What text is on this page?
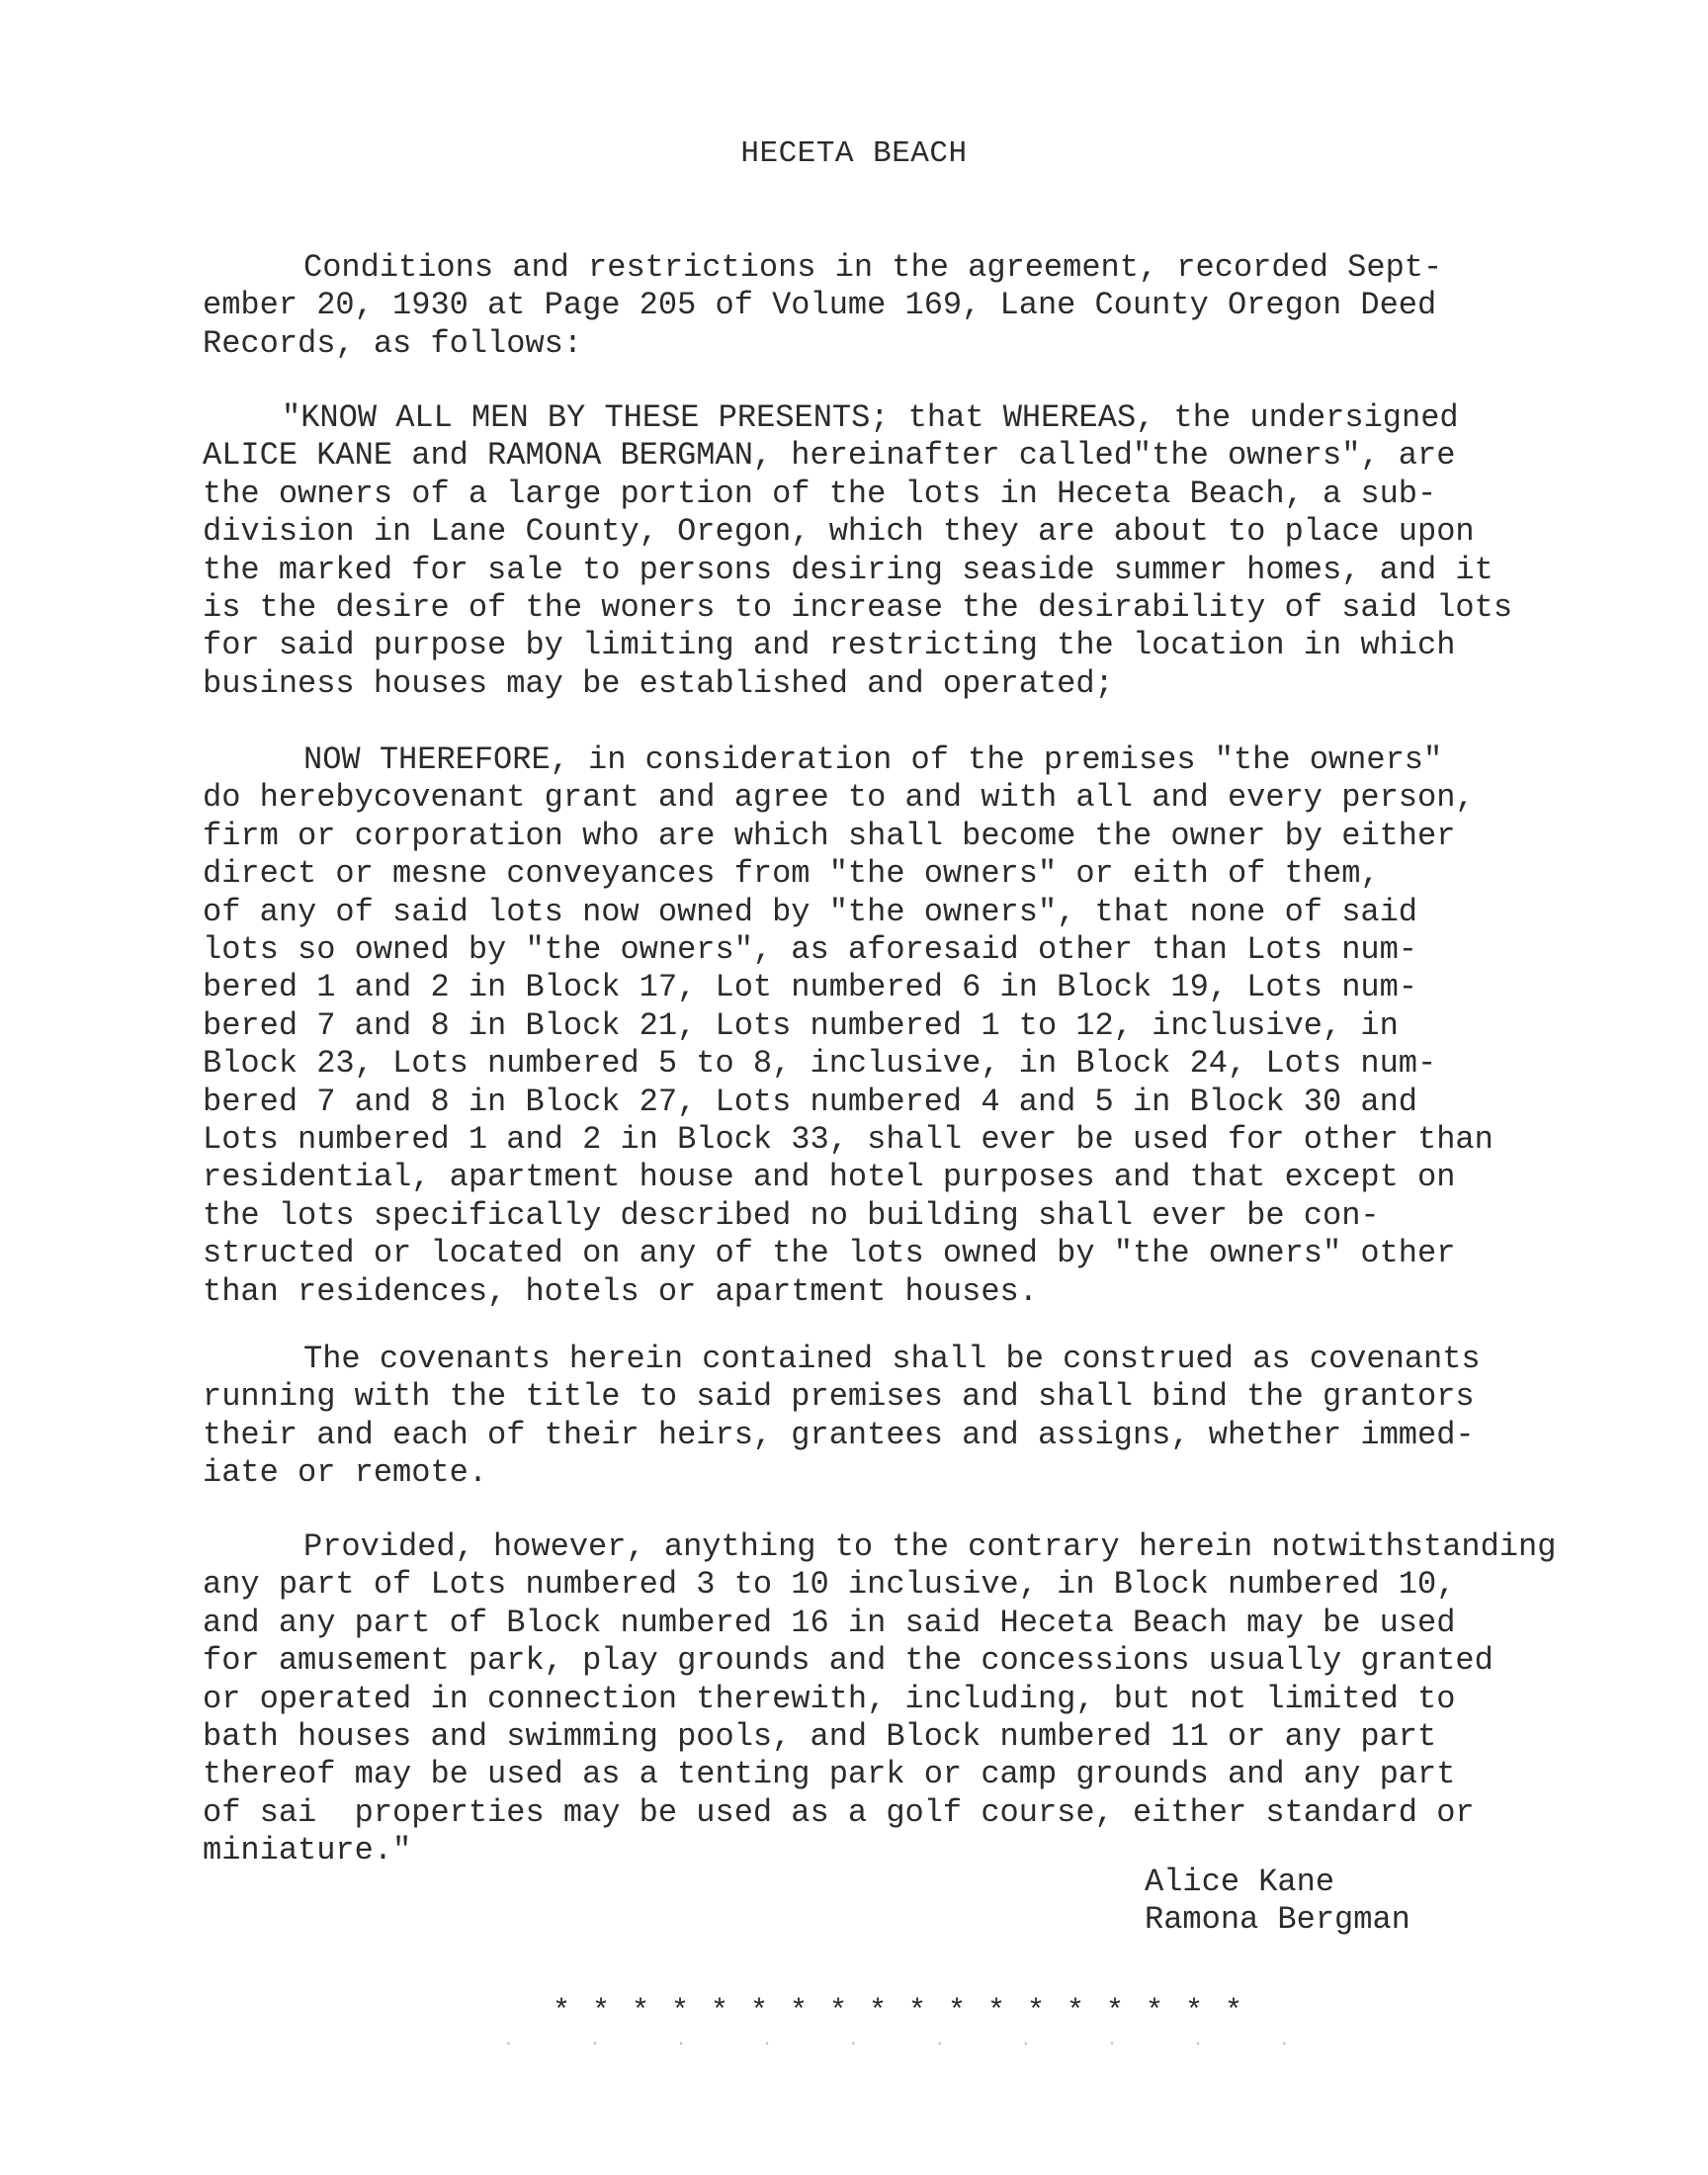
HECETA BEACH
Conditions and restrictions in the agreement, recorded Sept-
ember 20, 1930 at Page 205 of Volume 169, Lane County Oregon Deed
Records, as follows:
"KNOW ALL MEN BY THESE PRESENTS; that WHEREAS, the undersigned
ALICE KANE and RAMONA BERGMAN, hereinafter called"the owners", are
the owners of a large portion of the lots in Heceta Beach, a sub-
division in Lane County, Oregon, which they are about to place upon
the marked for sale to persons desiring seaside summer homes, and it
is the desire of the woners to increase the desirability of said lots
for said purpose by limiting and restricting the location in which
business houses may be established and operated;
NOW THEREFORE, in consideration of the premises "the owners"
do herebycovenant grant and agree to and with all and every person,
firm or corporation who are which shall become the owner by either
direct or mesne conveyances from "the owners" or eith of them,
of any of said lots now owned by "the owners", that none of said
lots so owned by "the owners", as aforesaid other than Lots num-
bered 1 and 2 in Block 17, Lot numbered 6 in Block 19, Lots num-
bered 7 and 8 in Block 21, Lots numbered 1 to 12, inclusive, in
Block 23, Lots numbered 5 to 8, inclusive, in Block 24, Lots num-
bered 7 and 8 in Block 27, Lots numbered 4 and 5 in Block 30 and
Lots numbered 1 and 2 in Block 33, shall ever be used for other than
residential, apartment house and hotel purposes and that except on
the lots specifically described no building shall ever be con-
structed or located on any of the lots owned by "the owners" other
than residences, hotels or apartment houses.
The covenants herein contained shall be construed as covenants
running with the title to said premises and shall bind the grantors
their and each of their heirs, grantees and assigns, whether immed-
iate or remote.
Provided, however, anything to the contrary herein notwithstanding
any part of Lots numbered 3 to 10 inclusive, in Block numbered 10,
and any part of Block numbered 16 in said Heceta Beach may be used
for amusement park, play grounds and the concessions usually granted
or operated in connection therewith, including, but not limited to
bath houses and swimming pools, and Block numbered 11 or any part
thereof may be used as a tenting park or camp grounds and any part
of sai  properties may be used as a golf course, either standard or
miniature."
Alice Kane
Ramona Bergman
* * * * * * * * * * * * * * * * * *
· · · · · · · · · ·
